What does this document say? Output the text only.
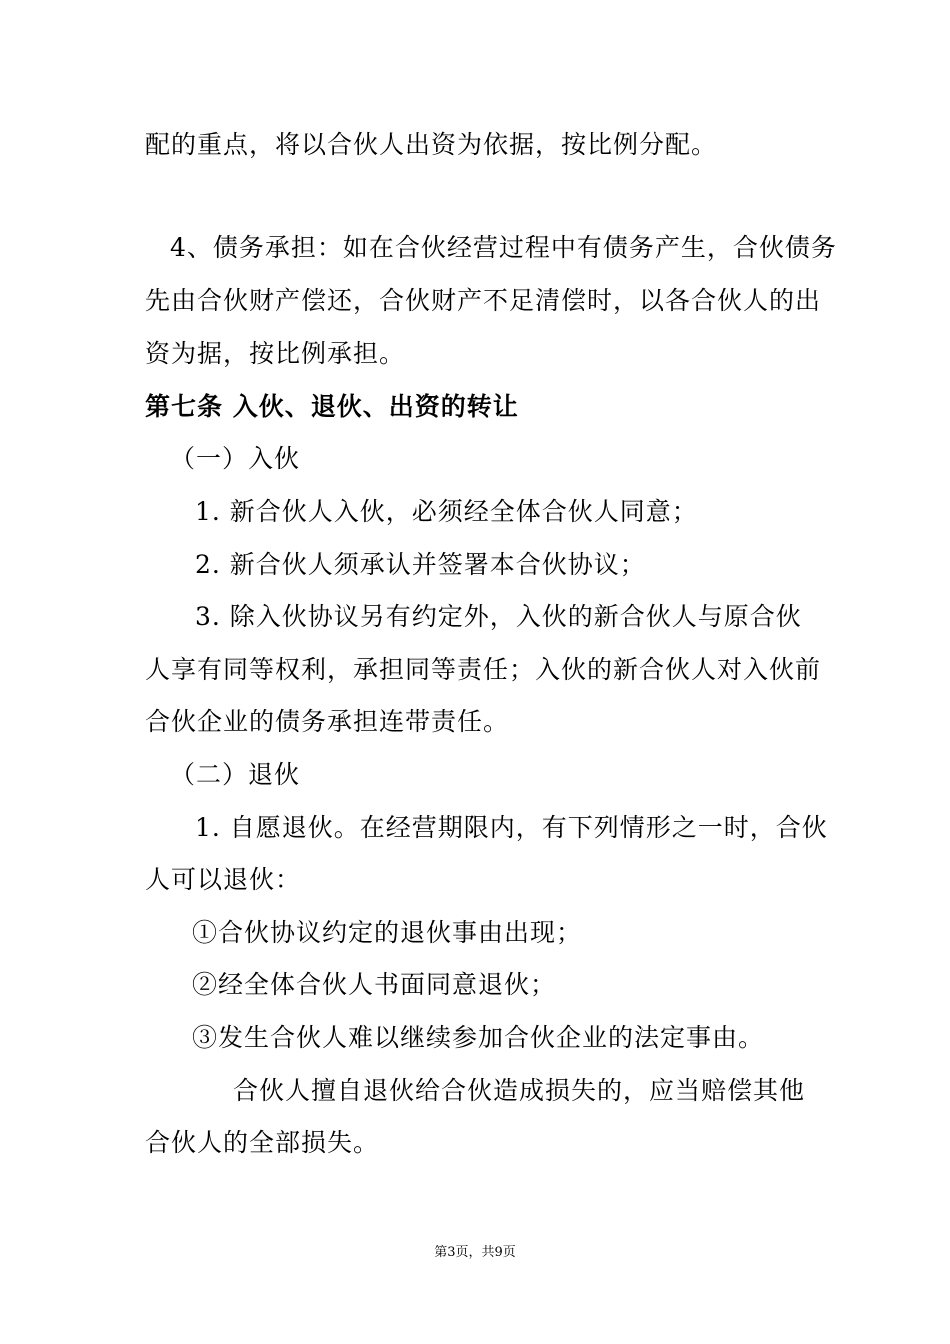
配的重点，将以合伙人出资为依据，按比例分配。
4、债务承担：如在合伙经营过程中有债务产生，合伙债务
先由合伙财产偿还，合伙财产不足清偿时，以各合伙人的出
资为据，按比例承担。
第七条 入伙、退伙、出资的转让
（一）入伙
1. 新合伙人入伙，必须经全体合伙人同意；
2. 新合伙人须承认并签署本合伙协议；
3. 除入伙协议另有约定外，入伙的新合伙人与原合伙
人享有同等权利，承担同等责任；入伙的新合伙人对入伙前
合伙企业的债务承担连带责任。
（二）退伙
1. 自愿退伙。在经营期限内，有下列情形之一时，合伙
人可以退伙：
①合伙协议约定的退伙事由出现；
②经全体合伙人书面同意退伙；
③发生合伙人难以继续参加合伙企业的法定事由。
合伙人擅自退伙给合伙造成损失的，应当赔偿其他
合伙人的全部损失。
第3页，共9页
